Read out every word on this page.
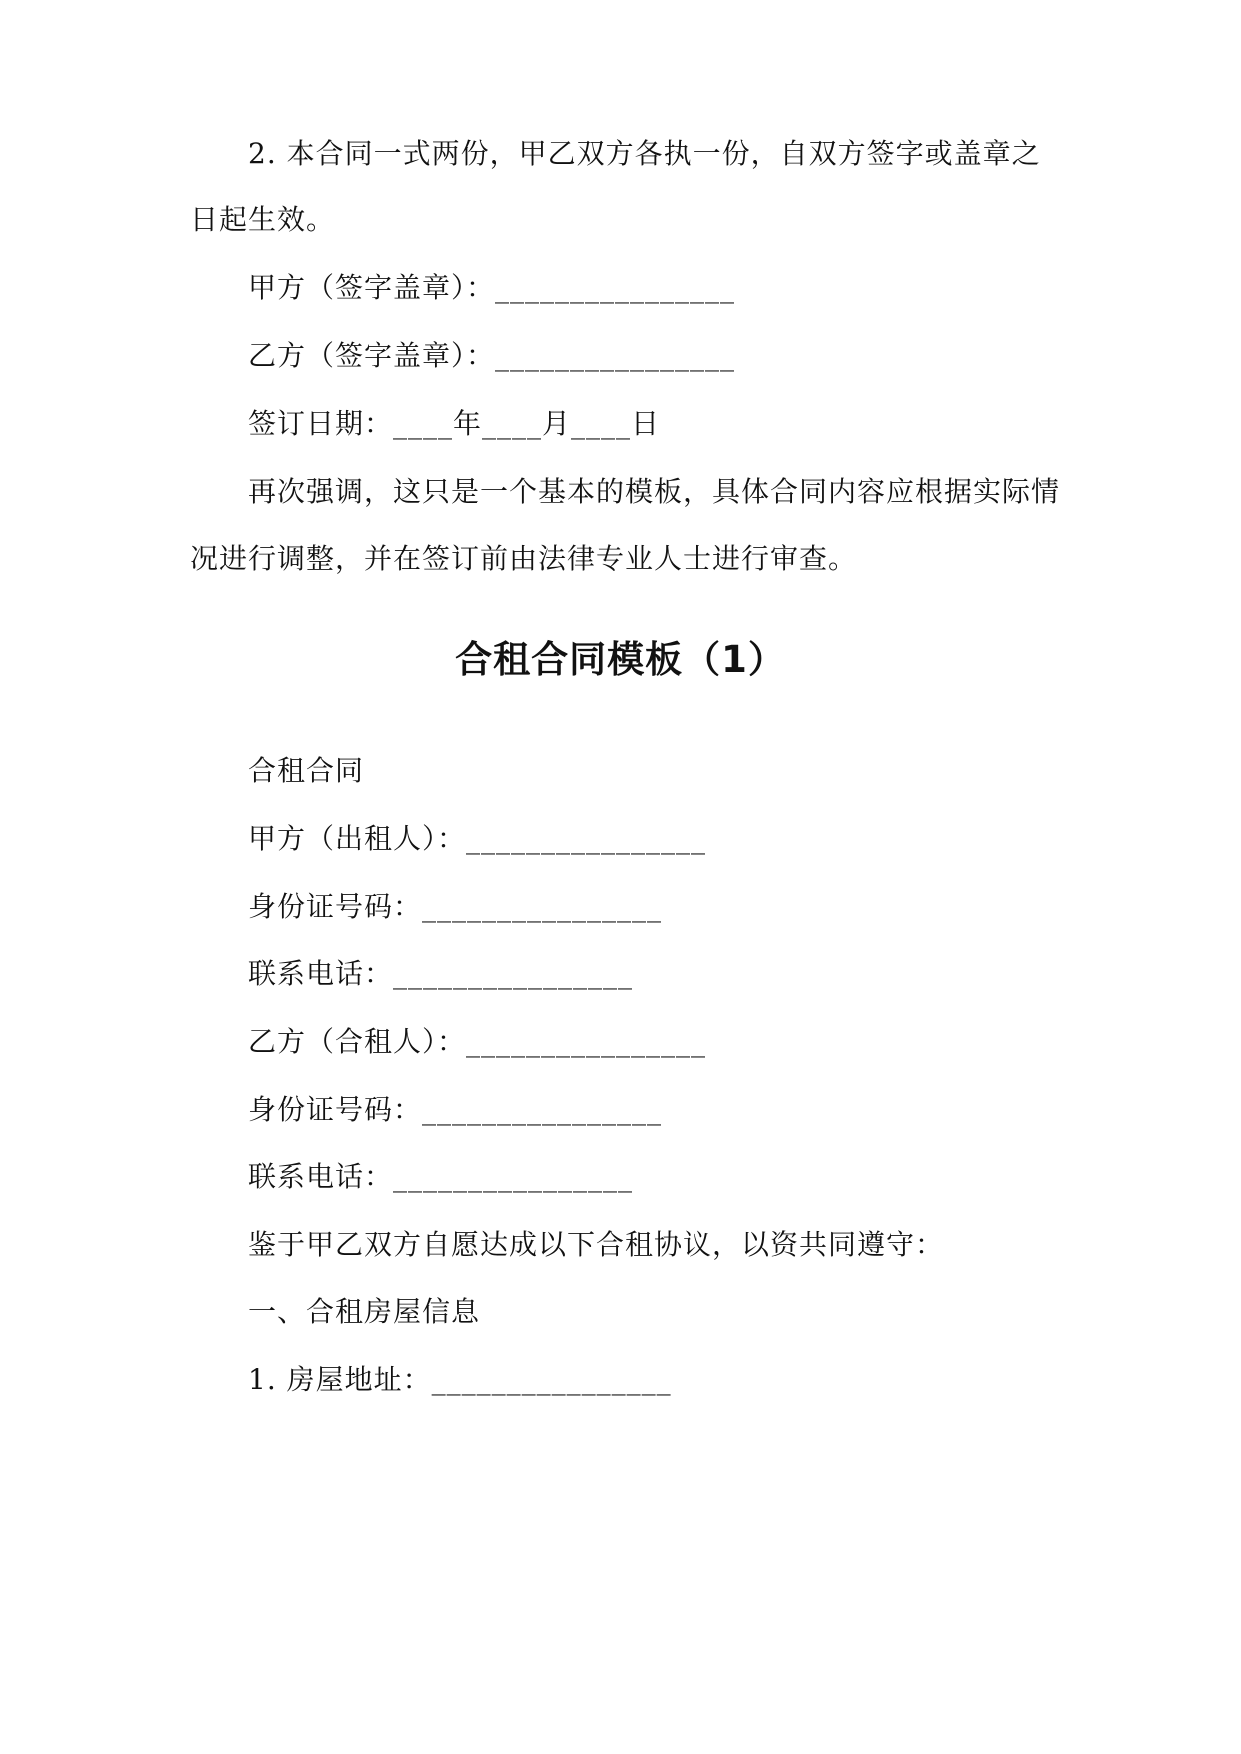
2. 本合同一式两份，甲乙双方各执一份，自双方签字或盖章之
日起生效。
甲方（签字盖章）：________________
乙方（签字盖章）：________________
签订日期：____年____月____日
再次强调，这只是一个基本的模板，具体合同内容应根据实际情
况进行调整，并在签订前由法律专业人士进行审查。
合租合同模板（1）
合租合同
甲方（出租人）：________________
身份证号码：________________
联系电话：________________
乙方（合租人）：________________
身份证号码：________________
联系电话：________________
鉴于甲乙双方自愿达成以下合租协议，以资共同遵守：
一、合租房屋信息
1. 房屋地址：________________
